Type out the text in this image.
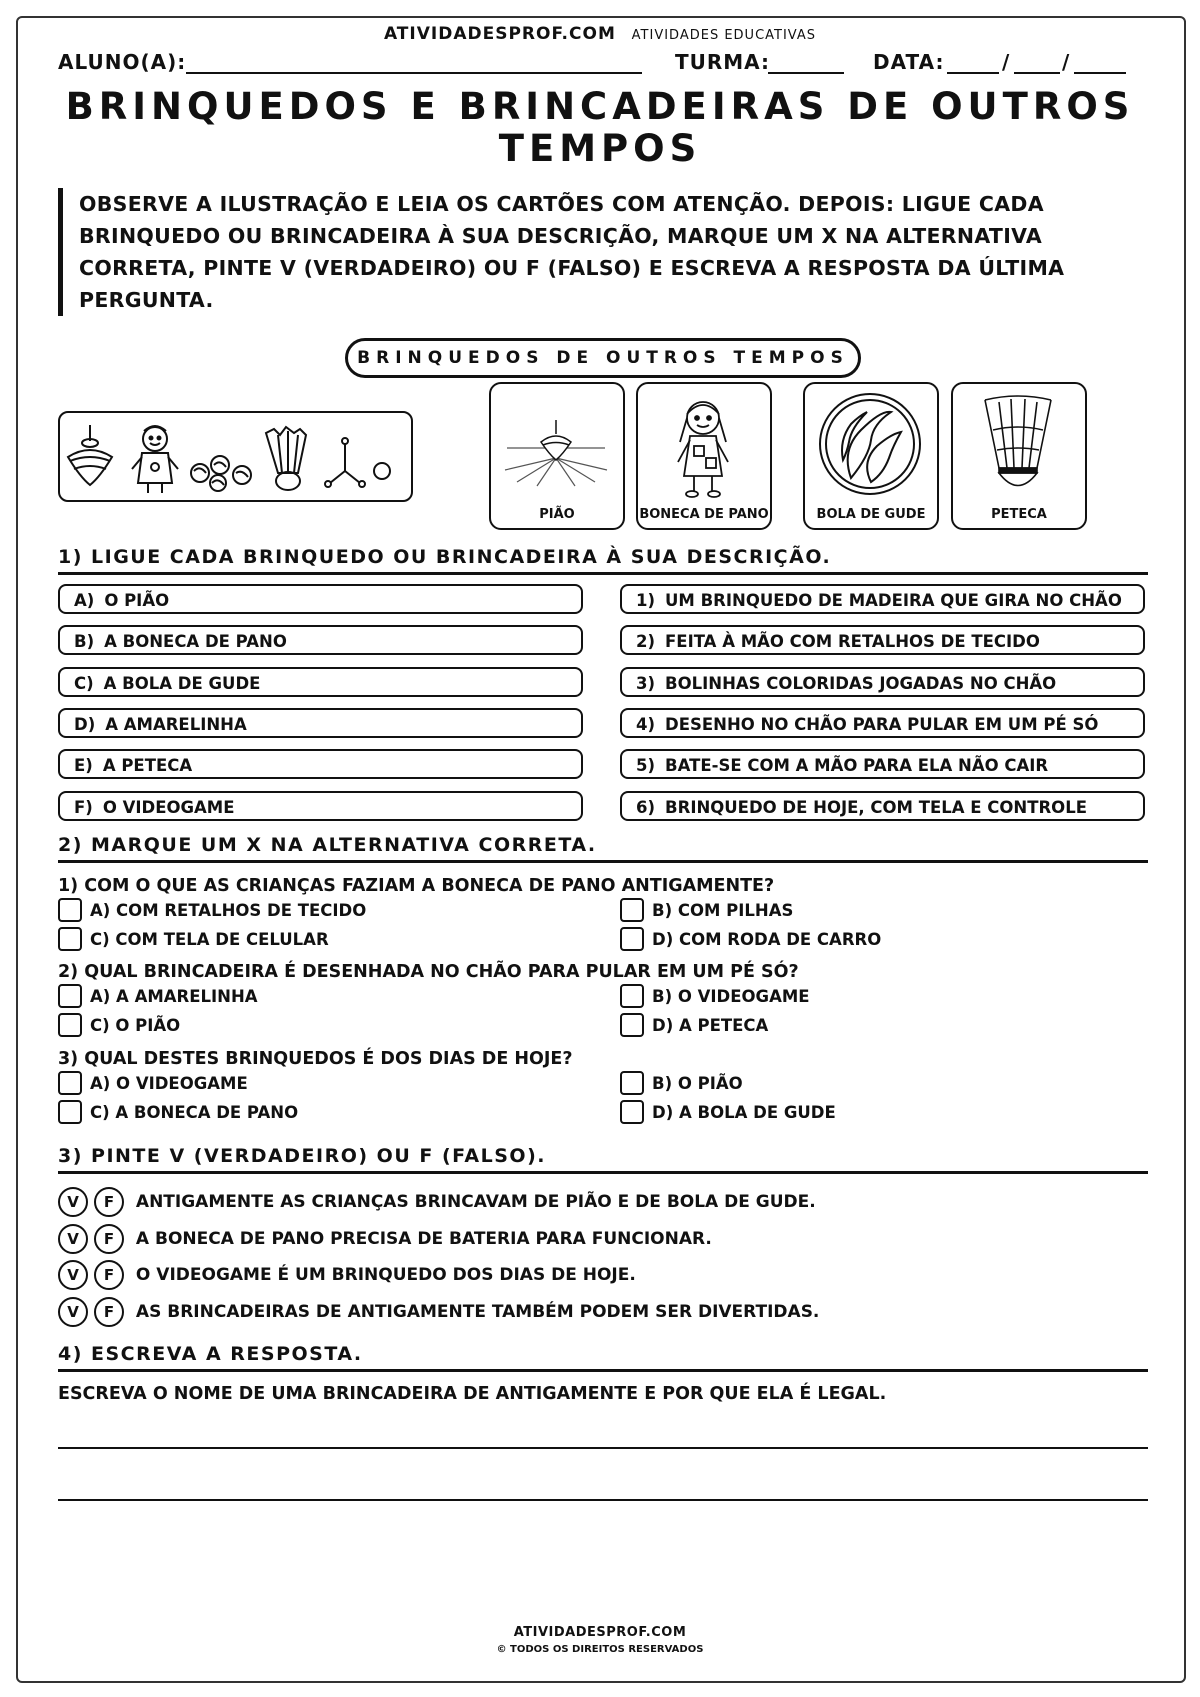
ATIVIDADESPROF.COM ATIVIDADES EDUCATIVAS
ALUNO(A):	TURMA:	DATA:	/	/
BRINQUEDOS E BRINCADEIRAS DE OUTROS
TEMPOS
OBSERVE A ILUSTRAÇÃO E LEIA OS CARTÕES COM ATENÇÃO. DEPOIS: LIGUE CADA BRINQUEDO OU BRINCADEIRA À SUA DESCRIÇÃO, MARQUE UM X NA ALTERNATIVA CORRETA, PINTE V (VERDADEIRO) OU F (FALSO) E ESCREVA A RESPOSTA DA ÚLTIMA PERGUNTA.
BRINQUEDOS DE OUTROS TEMPOS
PIÃO	BONECA DE PANO	BOLA DE GUDE	PETECA
1) LIGUE CADA BRINQUEDO OU BRINCADEIRA À SUA DESCRIÇÃO.
A) O PIÃO
B) A BONECA DE PANO
C) A BOLA DE GUDE
D) A AMARELINHA
E) A PETECA
F) O VIDEOGAME
1) UM BRINQUEDO DE MADEIRA QUE GIRA NO CHÃO
2) FEITA À MÃO COM RETALHOS DE TECIDO
3) BOLINHAS COLORIDAS JOGADAS NO CHÃO
4) DESENHO NO CHÃO PARA PULAR EM UM PÉ SÓ
5) BATE-SE COM A MÃO PARA ELA NÃO CAIR
6) BRINQUEDO DE HOJE, COM TELA E CONTROLE
2) MARQUE UM X NA ALTERNATIVA CORRETA.
1) COM O QUE AS CRIANÇAS FAZIAM A BONECA DE PANO ANTIGAMENTE?
A) COM RETALHOS DE TECIDO	B) COM PILHAS
C) COM TELA DE CELULAR	D) COM RODA DE CARRO
2) QUAL BRINCADEIRA É DESENHADA NO CHÃO PARA PULAR EM UM PÉ SÓ?
A) A AMARELINHA	B) O VIDEOGAME
C) O PIÃO	D) A PETECA
3) QUAL DESTES BRINQUEDOS É DOS DIAS DE HOJE?
A) O VIDEOGAME	B) O PIÃO
C) A BONECA DE PANO	D) A BOLA DE GUDE
3) PINTE V (VERDADEIRO) OU F (FALSO).
V F ANTIGAMENTE AS CRIANÇAS BRINCAVAM DE PIÃO E DE BOLA DE GUDE.
V F A BONECA DE PANO PRECISA DE BATERIA PARA FUNCIONAR.
V F O VIDEOGAME É UM BRINQUEDO DOS DIAS DE HOJE.
V F AS BRINCADEIRAS DE ANTIGAMENTE TAMBÉM PODEM SER DIVERTIDAS.
4) ESCREVA A RESPOSTA.
ESCREVA O NOME DE UMA BRINCADEIRA DE ANTIGAMENTE E POR QUE ELA É LEGAL.
ATIVIDADESPROF.COM
© TODOS OS DIREITOS RESERVADOS
